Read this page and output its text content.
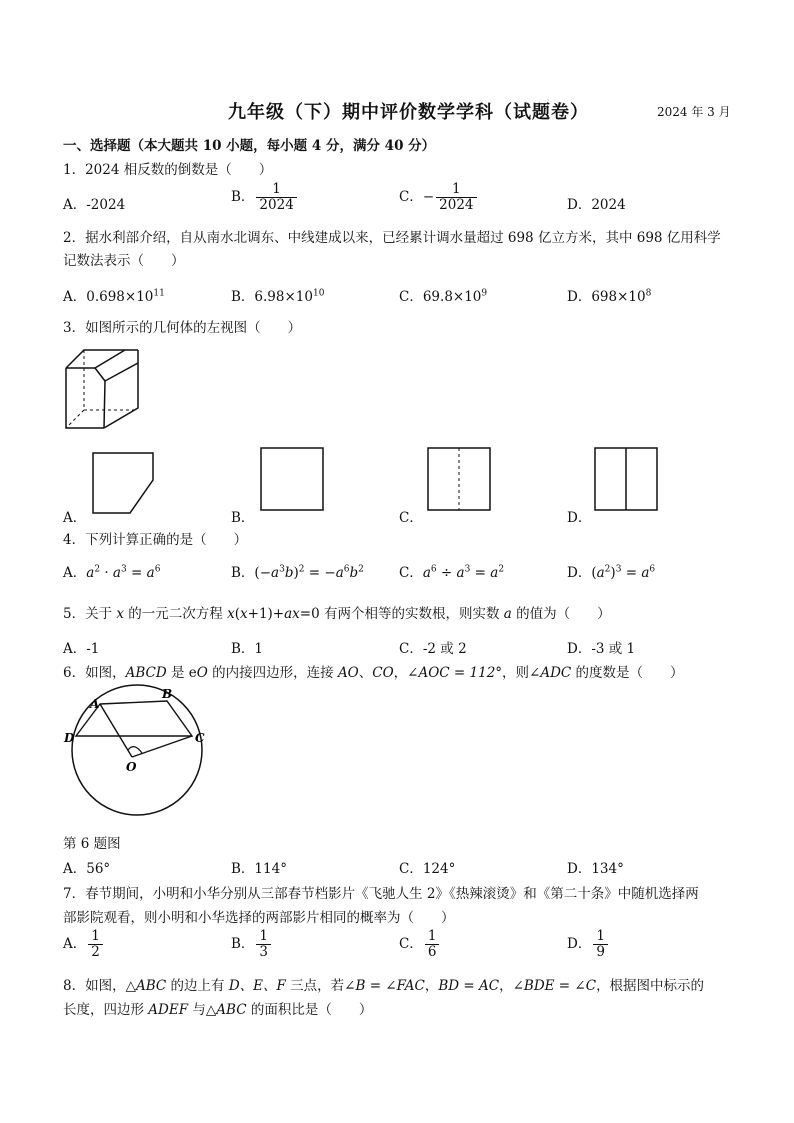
九年级（下）期中评价数学学科（试题卷）	2024 年 3 月
一、选择题（本大题共 10 小题，每小题 4 分，满分 40 分）
1．2024 相反数的倒数是（　　）
A．-2024	B． $\frac{1}{2024}$	C．− $\frac{1}{2024}$	D．2024
2．据水利部介绍，自从南水北调东、中线建成以来，已经累计调水量超过 698 亿立方米，其中 698 亿用科学
记数法表示（　　）
A．$0.698\times 10^{11}$	B．$6.98\times 10^{10}$	C．$69.8\times 10^9$	D．$698\times 10^8$
3．如图所示的几何体的左视图（　　）
A．	B．	C．	D．
4．下列计算正确的是（　　）
A．$a^2 \cdot a^3 = a^6$	B．$(-a^3b)^2 = -a^6b^2$	C．$a^6 \div a^3 = a^2$	D．$(a^2)^3 = a^6$
5．关于 x 的一元二次方程 x(x+1)+ax=0 有两个相等的实数根，则实数 a 的值为（　　）
A．-1	B．1	C．-2 或 2	D．-3 或 1
6．如图，ABCD 是 eO 的内接四边形，连接 AO、CO，∠AOC = 112°，则∠ADC 的度数是（　　）
A
B
C
D
O
第 6 题图
A．56°	B．114°	C．124°	D．134°
7．春节期间，小明和小华分别从三部春节档影片《飞驰人生 2》《热辣滚烫》和《第二十条》中随机选择两
部影院观看，则小明和小华选择的两部影片相同的概率为（　　）
A． $\frac{1}{2}$	B． $\frac{1}{3}$	C． $\frac{1}{6}$	D． $\frac{1}{9}$
8．如图，△ABC 的边上有 D、E、F 三点，若∠B = ∠FAC，BD = AC，∠BDE = ∠C，根据图中标示的
长度，四边形 ADEF 与△ABC 的面积比是（　　）
